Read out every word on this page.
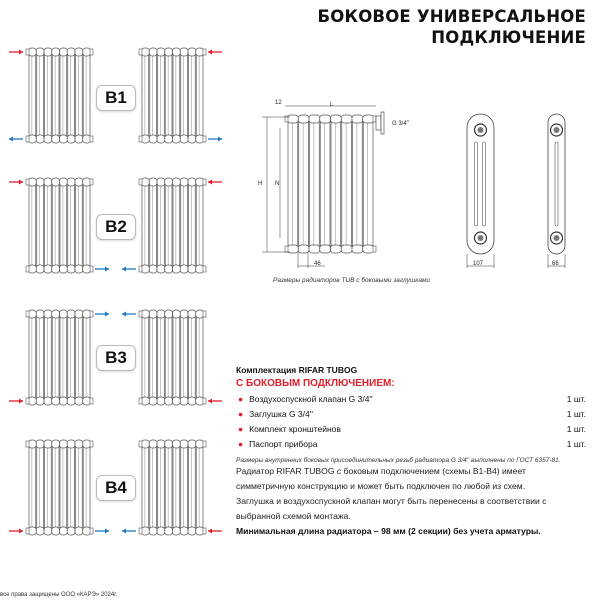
БОКОВОЕ УНИВЕРСАЛЬНОЕ
ПОДКЛЮЧЕНИЕ
12	L
G 3/4''
H N
46	107	66
B1
B2
B3
B4
Размеры радиаторов TUB с боковыми заглушками
Комплектация RIFAR TUBOG
С БОКОВЫМ ПОДКЛЮЧЕНИЕМ:
● Воздухоспускной клапан G 3/4''	1 шт.
● Заглушка G 3/4''	1 шт.
● Комплект кронштейнов	1 шт.
● Паспорт прибора	1 шт.
Размеры внутренних боковых присоединительных резьб радиатора G 3/4'' выполнены по ГОСТ 6357-81.
Радиатор RIFAR TUBOG с боковым подключением (схемы B1-B4) имеет симметричную конструкцию и может быть подключен по любой из схем.
Заглушка и воздухоспускной клапан могут быть перенесены в соответствии с выбранной схемой монтажа.
Минимальная длина радиатора – 98 мм (2 секции) без учета арматуры.
все права защищены ООО «КАРЭ» 2024г.
